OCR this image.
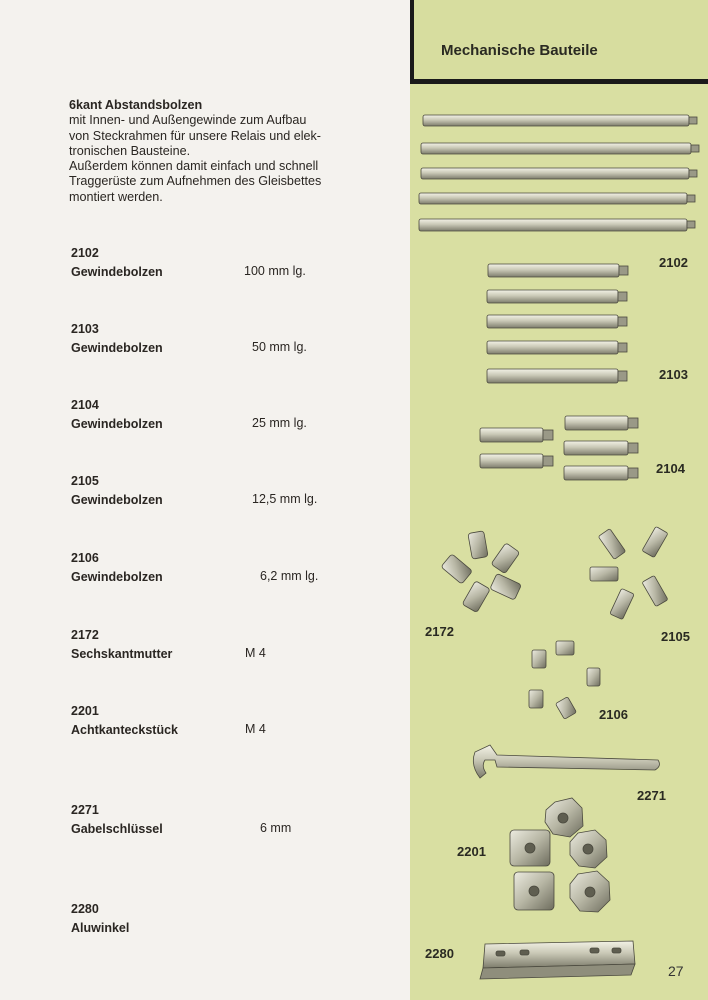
Mechanische Bauteile

6kant Abstandsbolzen

mit Innen- und Außengewinde zum Aufbau

von Steckrahmen für unsere Relais und elek-

tronischen Bausteine.

Außerdem können damit einfach und schnell

Traggerüste zum Aufnehmen des Gleisbettes

montiert werden.

2102
Gewindebolzen	100 mm lg.
2103
Gewindebolzen	50 mm lg.
2104
Gewindebolzen	25 mm lg.
2105
Gewindebolzen	12,5 mm lg.
2106
Gewindebolzen	6,2 mm lg.
2172
Sechskantmutter	M 4
2201
Achtkanteckstück	M 4
2271
Gabelschlüssel	6 mm
2280
Aluwinkel
2102
2103
2104
2172	2105
2106
2271
2201
2280
27
